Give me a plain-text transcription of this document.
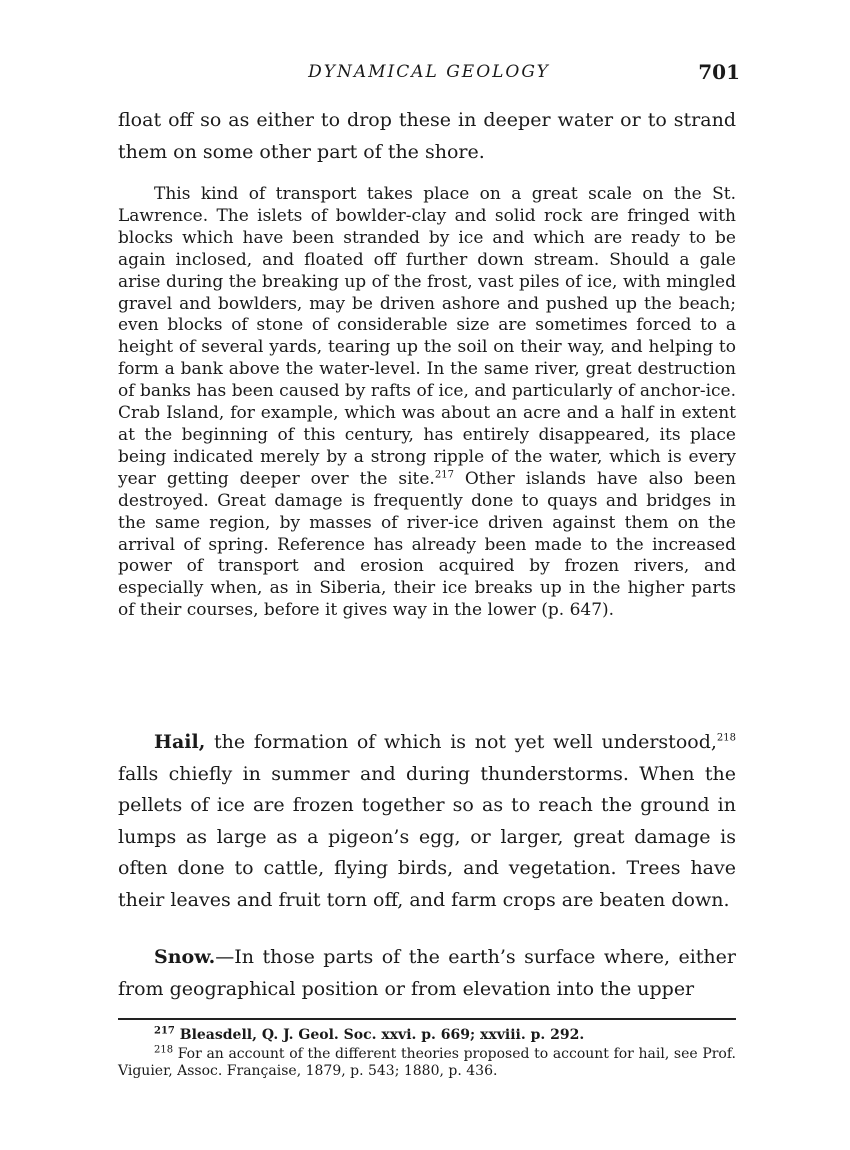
DYNAMICAL GEOLOGY	701

float off so as either to drop these in deeper water or to strand them on some other part of the shore.

This kind of transport takes place on a great scale on the St. Lawrence. The islets of bowlder-clay and solid rock are fringed with blocks which have been stranded by ice and which are ready to be again inclosed, and floated off further down stream. Should a gale arise during the breaking up of the frost, vast piles of ice, with mingled gravel and bowlders, may be driven ashore and pushed up the beach; even blocks of stone of considerable size are sometimes forced to a height of several yards, tearing up the soil on their way, and helping to form a bank above the water-level. In the same river, great destruction of banks has been caused by rafts of ice, and particularly of anchor-ice. Crab Island, for example, which was about an acre and a half in extent at the beginning of this century, has entirely disappeared, its place being indicated merely by a strong ripple of the water, which is every year getting deeper over the site.$^{217}$ Other islands have also been destroyed. Great damage is frequently done to quays and bridges in the same region, by masses of river-ice driven against them on the arrival of spring. Reference has already been made to the increased power of transport and erosion acquired by frozen rivers, and especially when, as in Siberia, their ice breaks up in the higher parts of their courses, before it gives way in the lower (p. 647).

Hail, the formation of which is not yet well understood,$^{218}$ falls chiefly in summer and during thunderstorms. When the pellets of ice are frozen together so as to reach the ground in lumps as large as a pigeon’s egg, or larger, great damage is often done to cattle, flying birds, and vegetation. Trees have their leaves and fruit torn off, and farm crops are beaten down.

Snow.—In those parts of the earth’s surface where, either from geographical position or from elevation into the upper

$^{217}$ Bleasdell, Q. J. Geol. Soc. xxvi. p. 669; xxviii. p. 292.

$^{218}$ For an account of the different theories proposed to account for hail, see Prof. Viguier, Assoc. Française, 1879, p. 543; 1880, p. 436.
